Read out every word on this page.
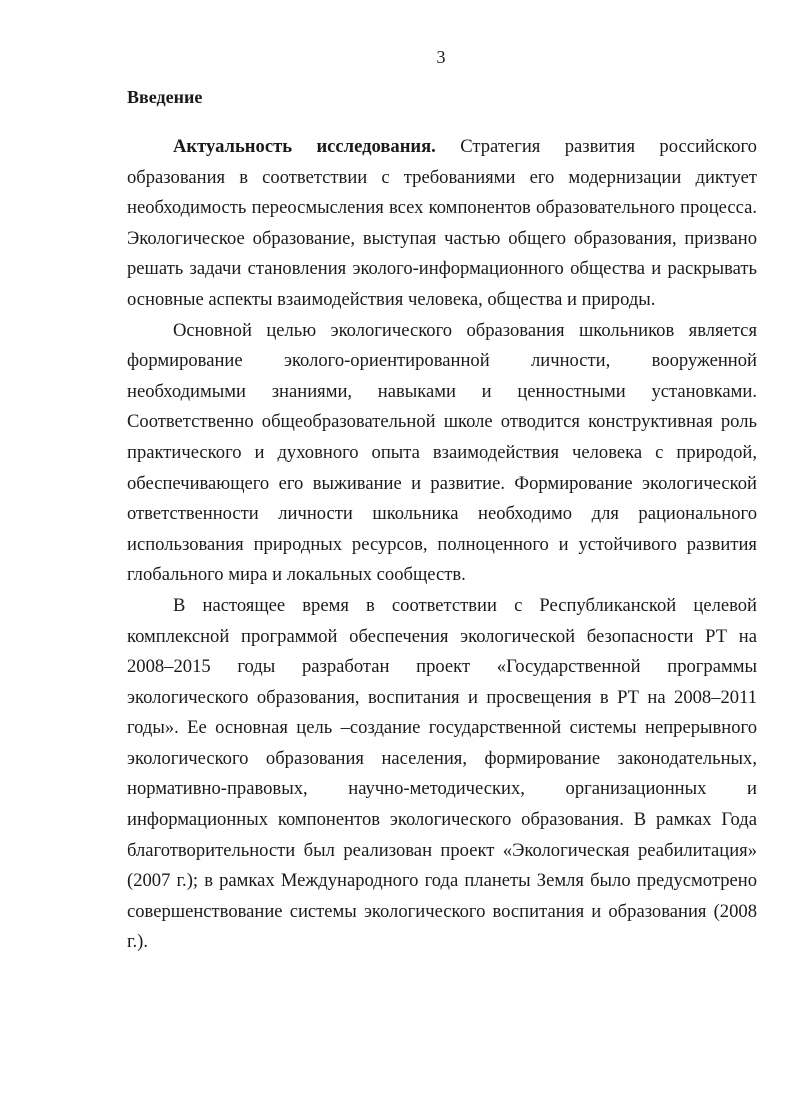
3
Введение

Актуальность исследования. Стратегия развития российского образования в соответствии с требованиями его модернизации диктует необходимость переосмысления всех компонентов образовательного процесса. Экологическое образование, выступая частью общего образования, призвано решать задачи становления эколого-информационного общества и раскрывать основные аспекты взаимодействия человека, общества и природы.

Основной целью экологического образования школьников является формирование эколого-ориентированной личности, вооруженной необходимыми знаниями, навыками и ценностными установками. Соответственно общеобразовательной школе отводится конструктивная роль практического и духовного опыта взаимодействия человека с природой, обеспечивающего его выживание и развитие. Формирование экологической ответственности личности школьника необходимо для рационального использования природных ресурсов, полноценного и устойчивого развития глобального мира и локальных сообществ.

В настоящее время в соответствии с Республиканской целевой комплексной программой обеспечения экологической безопасности РТ на 2008–2015 годы разработан проект «Государственной программы экологического образования, воспитания и просвещения в РТ на 2008–2011 годы». Ее основная цель –создание государственной системы непрерывного экологического образования населения, формирование законодательных, нормативно-правовых, научно-методических, организационных и информационных компонентов экологического образования. В рамках Года благотворительности был реализован проект «Экологическая реабилитация» (2007 г.); в рамках Международного года планеты Земля было предусмотрено совершенствование системы экологического воспитания и образования (2008 г.).
